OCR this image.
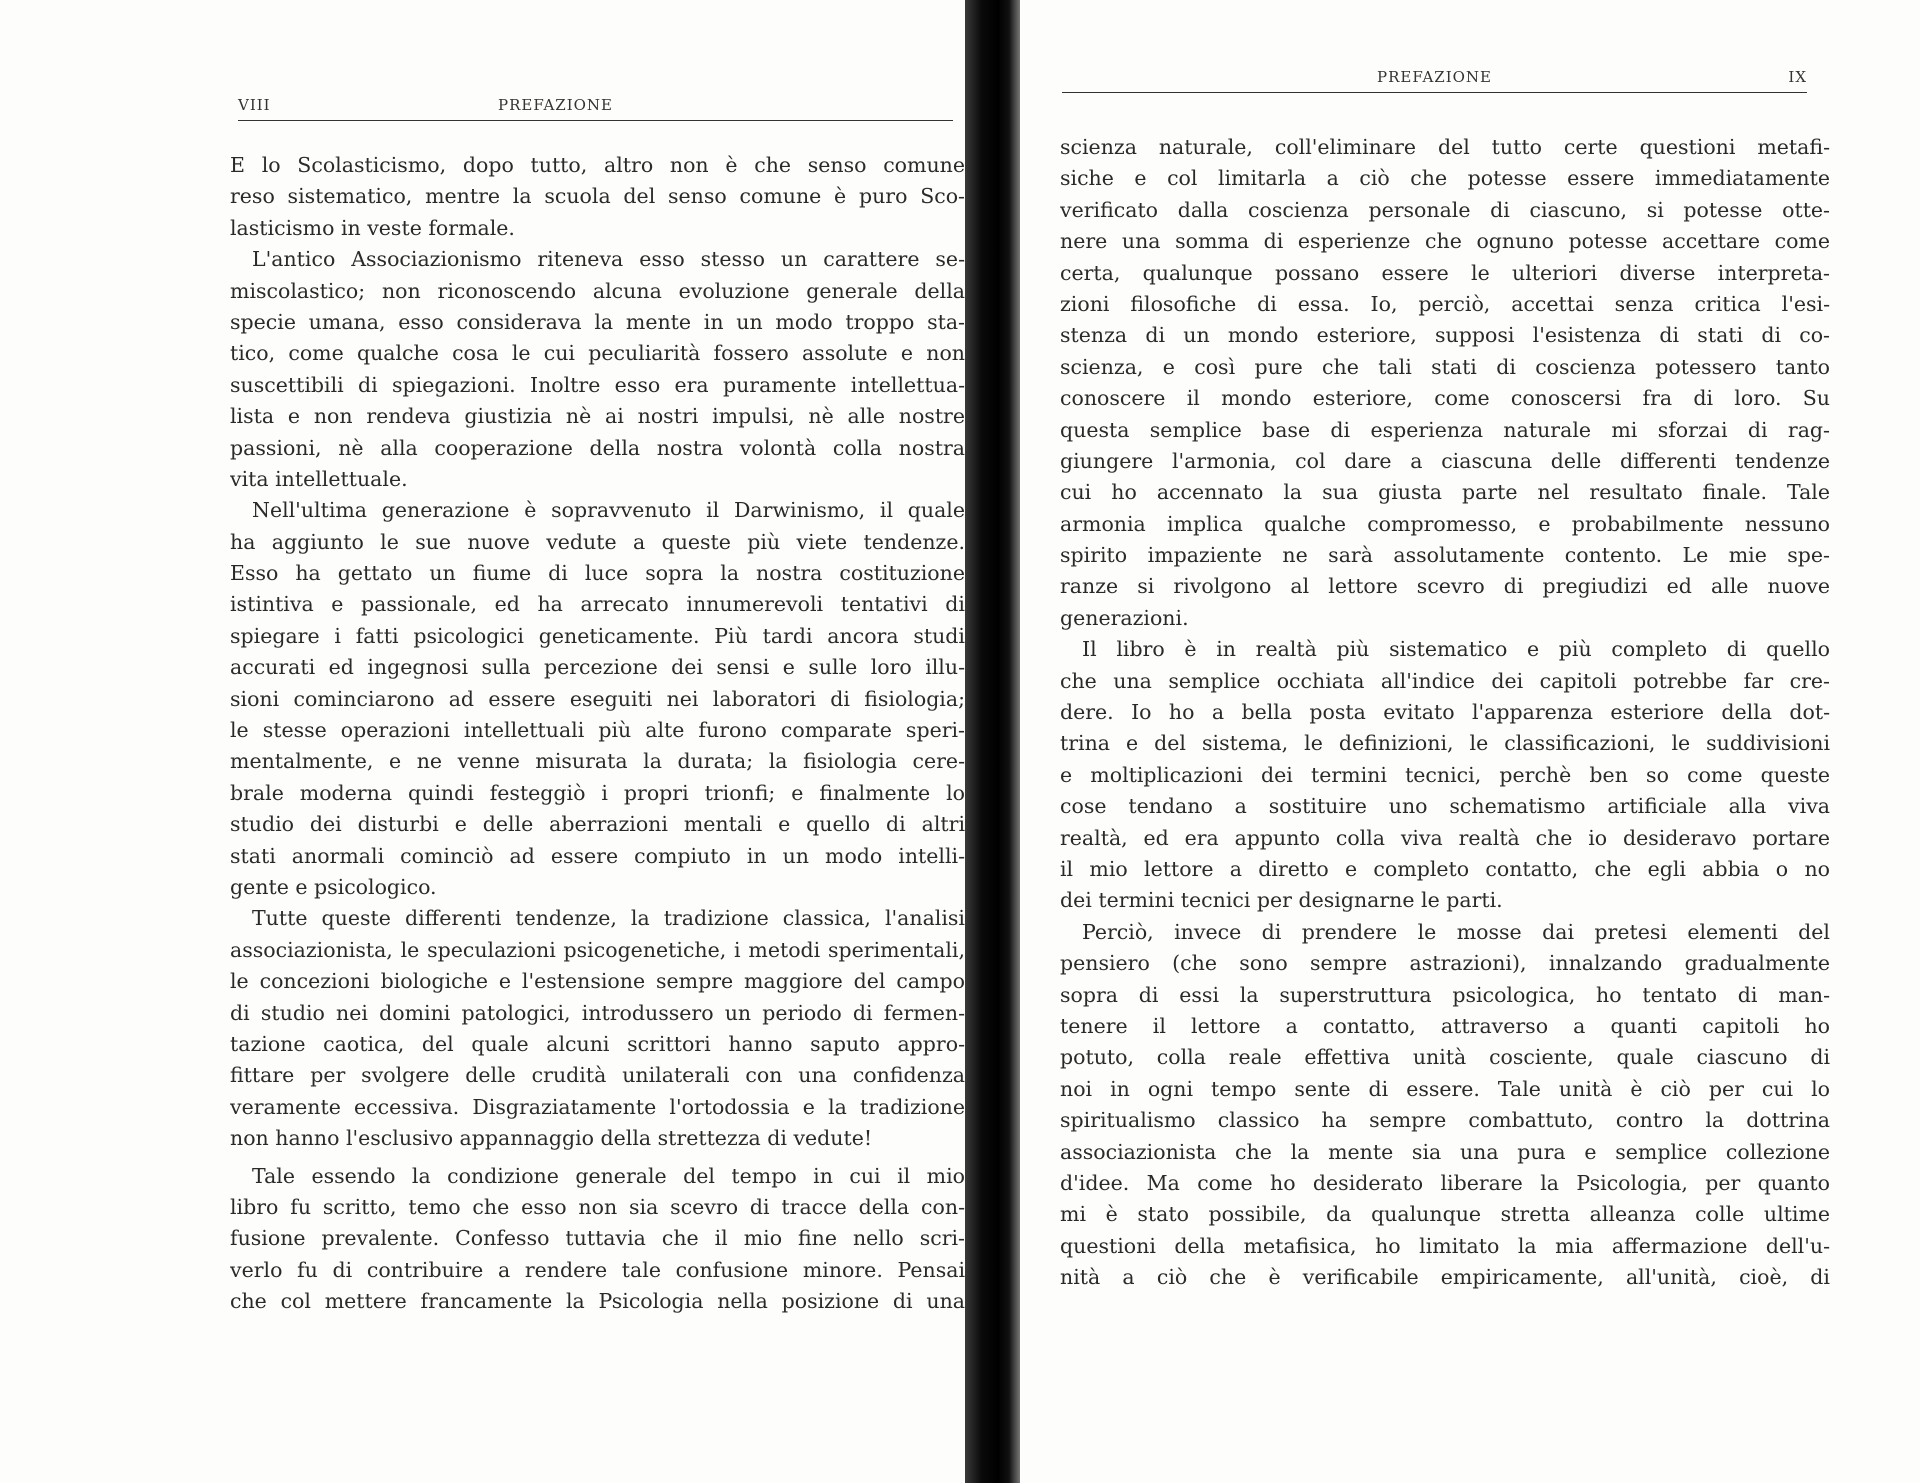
VIII	PREFAZIONE
E lo Scolasticismo, dopo tutto, altro non è che senso comune
reso sistematico, mentre la scuola del senso comune è puro Sco-
lasticismo in veste formale.
L'antico Associazionismo riteneva esso stesso un carattere se-
miscolastico; non riconoscendo alcuna evoluzione generale della
specie umana, esso considerava la mente in un modo troppo sta-
tico, come qualche cosa le cui peculiarità fossero assolute e non
suscettibili di spiegazioni. Inoltre esso era puramente intellettua-
lista e non rendeva giustizia nè ai nostri impulsi, nè alle nostre
passioni, nè alla cooperazione della nostra volontà colla nostra
vita intellettuale.
Nell'ultima generazione è sopravvenuto il Darwinismo, il quale
ha aggiunto le sue nuove vedute a queste più viete tendenze.
Esso ha gettato un fiume di luce sopra la nostra costituzione
istintiva e passionale, ed ha arrecato innumerevoli tentativi di
spiegare i fatti psicologici geneticamente. Più tardi ancora studi
accurati ed ingegnosi sulla percezione dei sensi e sulle loro illu-
sioni cominciarono ad essere eseguiti nei laboratori di fisiologia;
le stesse operazioni intellettuali più alte furono comparate speri-
mentalmente, e ne venne misurata la durata; la fisiologia cere-
brale moderna quindi festeggiò i propri trionfi; e finalmente lo
studio dei disturbi e delle aberrazioni mentali e quello di altri
stati anormali cominciò ad essere compiuto in un modo intelli-
gente e psicologico.
Tutte queste differenti tendenze, la tradizione classica, l'analisi
associazionista, le speculazioni psicogenetiche, i metodi sperimentali,
le concezioni biologiche e l'estensione sempre maggiore del campo
di studio nei domini patologici, introdussero un periodo di fermen-
tazione caotica, del quale alcuni scrittori hanno saputo appro-
fittare per svolgere delle crudità unilaterali con una confidenza
veramente eccessiva. Disgraziatamente l'ortodossia e la tradizione
non hanno l'esclusivo appannaggio della strettezza di vedute!
Tale essendo la condizione generale del tempo in cui il mio
libro fu scritto, temo che esso non sia scevro di tracce della con-
fusione prevalente. Confesso tuttavia che il mio fine nello scri-
verlo fu di contribuire a rendere tale confusione minore. Pensai
che col mettere francamente la Psicologia nella posizione di una
PREFAZIONE	IX
scienza naturale, coll'eliminare del tutto certe questioni metafi-
siche e col limitarla a ciò che potesse essere immediatamente
verificato dalla coscienza personale di ciascuno, si potesse otte-
nere una somma di esperienze che ognuno potesse accettare come
certa, qualunque possano essere le ulteriori diverse interpreta-
zioni filosofiche di essa. Io, perciò, accettai senza critica l'esi-
stenza di un mondo esteriore, supposi l'esistenza di stati di co-
scienza, e così pure che tali stati di coscienza potessero tanto
conoscere il mondo esteriore, come conoscersi fra di loro. Su
questa semplice base di esperienza naturale mi sforzai di rag-
giungere l'armonia, col dare a ciascuna delle differenti tendenze
cui ho accennato la sua giusta parte nel resultato finale. Tale
armonia implica qualche compromesso, e probabilmente nessuno
spirito impaziente ne sarà assolutamente contento. Le mie spe-
ranze si rivolgono al lettore scevro di pregiudizi ed alle nuove
generazioni.
Il libro è in realtà più sistematico e più completo di quello
che una semplice occhiata all'indice dei capitoli potrebbe far cre-
dere. Io ho a bella posta evitato l'apparenza esteriore della dot-
trina e del sistema, le definizioni, le classificazioni, le suddivisioni
e moltiplicazioni dei termini tecnici, perchè ben so come queste
cose tendano a sostituire uno schematismo artificiale alla viva
realtà, ed era appunto colla viva realtà che io desideravo portare
il mio lettore a diretto e completo contatto, che egli abbia o no
dei termini tecnici per designarne le parti.
Perciò, invece di prendere le mosse dai pretesi elementi del
pensiero (che sono sempre astrazioni), innalzando gradualmente
sopra di essi la superstruttura psicologica, ho tentato di man-
tenere il lettore a contatto, attraverso a quanti capitoli ho
potuto, colla reale effettiva unità cosciente, quale ciascuno di
noi in ogni tempo sente di essere. Tale unità è ciò per cui lo
spiritualismo classico ha sempre combattuto, contro la dottrina
associazionista che la mente sia una pura e semplice collezione
d'idee. Ma come ho desiderato liberare la Psicologia, per quanto
mi è stato possibile, da qualunque stretta alleanza colle ultime
questioni della metafisica, ho limitato la mia affermazione dell'u-
nità a ciò che è verificabile empiricamente, all'unità, cioè, di
